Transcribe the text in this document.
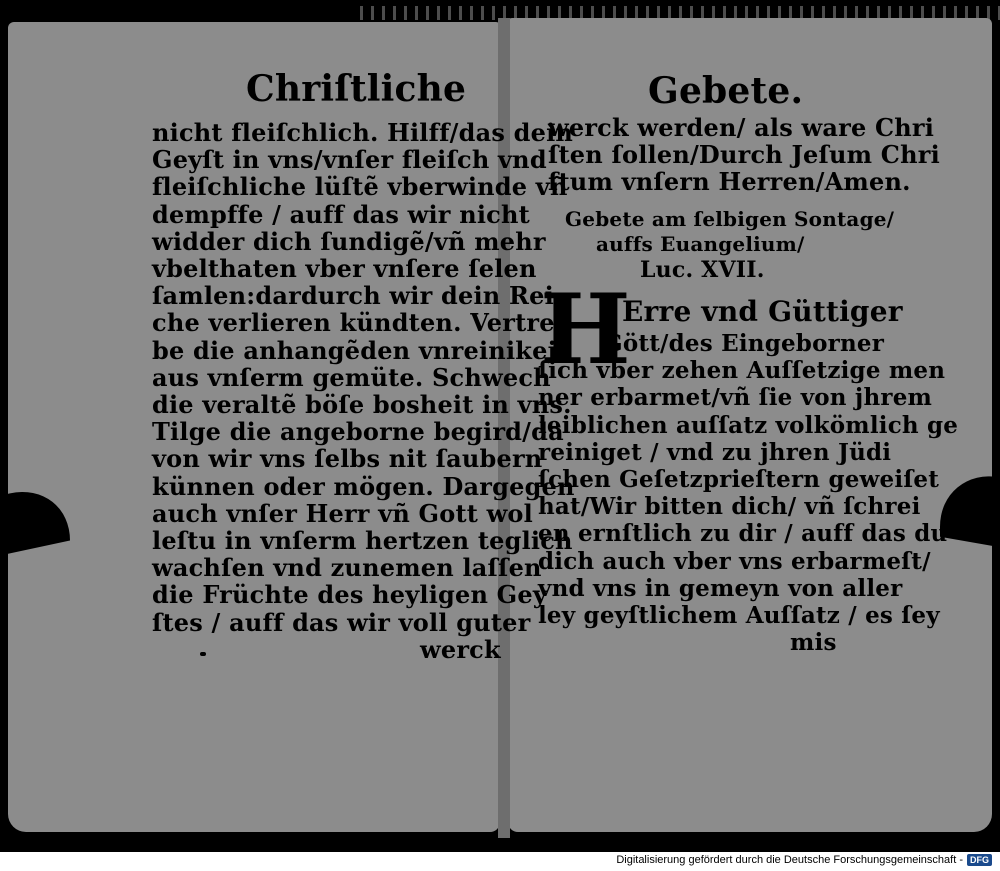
Chriſtliche
nicht fleiſchlich. Hilff/das dein
Geyſt in vns/vnſer fleiſch vnd
fleiſchliche lüſtẽ vberwinde vñ
dempffe / auff das wir nicht
widder dich ſundigẽ/vñ mehr
vbelthaten vber vnſere ſelen
ſamlen:dardurch wir dein Rei
che verlieren kündten. Vertrei
be die anhangẽden vnreinikeit
aus vnſerm gemüte. Schwech
die veraltẽ böſe bosheit in vns.
Tilge die angeborne begird/da
von wir vns ſelbs nit ſaubern
künnen oder mögen. Dargegen
auch vnſer Herr vñ Gott wol
leſtu in vnſerm hertzen teglich
wachſen vnd zunemen laſſen
die Früchte des heyligen Gey
ſtes / auff das wir voll guter
werck
Gebete.
werck werden/ als ware Chri
ſten ſollen/Durch Jeſum Chri
ſtum vnſern Herren/Amen.
Gebete am ſelbigen Sontage/
auffs Euangelium/
Luc. XVII.
H
Erre vnd Güttiger
Gött/des Eingeborner
ſich vber zehen Auſſetzige men
ner erbarmet/vñ ſie von jhrem
leiblichen auſſatz volkömlich ge
reiniget / vnd zu jhren Jüdi
ſchen Geſetzprieſtern geweiſet
hat/Wir bitten dich/ vñ ſchrei
en ernſtlich zu dir / auff das du
dich auch vber vns erbarmeſt/
vnd vns in gemeyn von aller
ley geyſtlichem Auſſatz / es ſey
mis
Digitalisierung gefördert durch die Deutsche Forschungsgemeinschaft - DFG
